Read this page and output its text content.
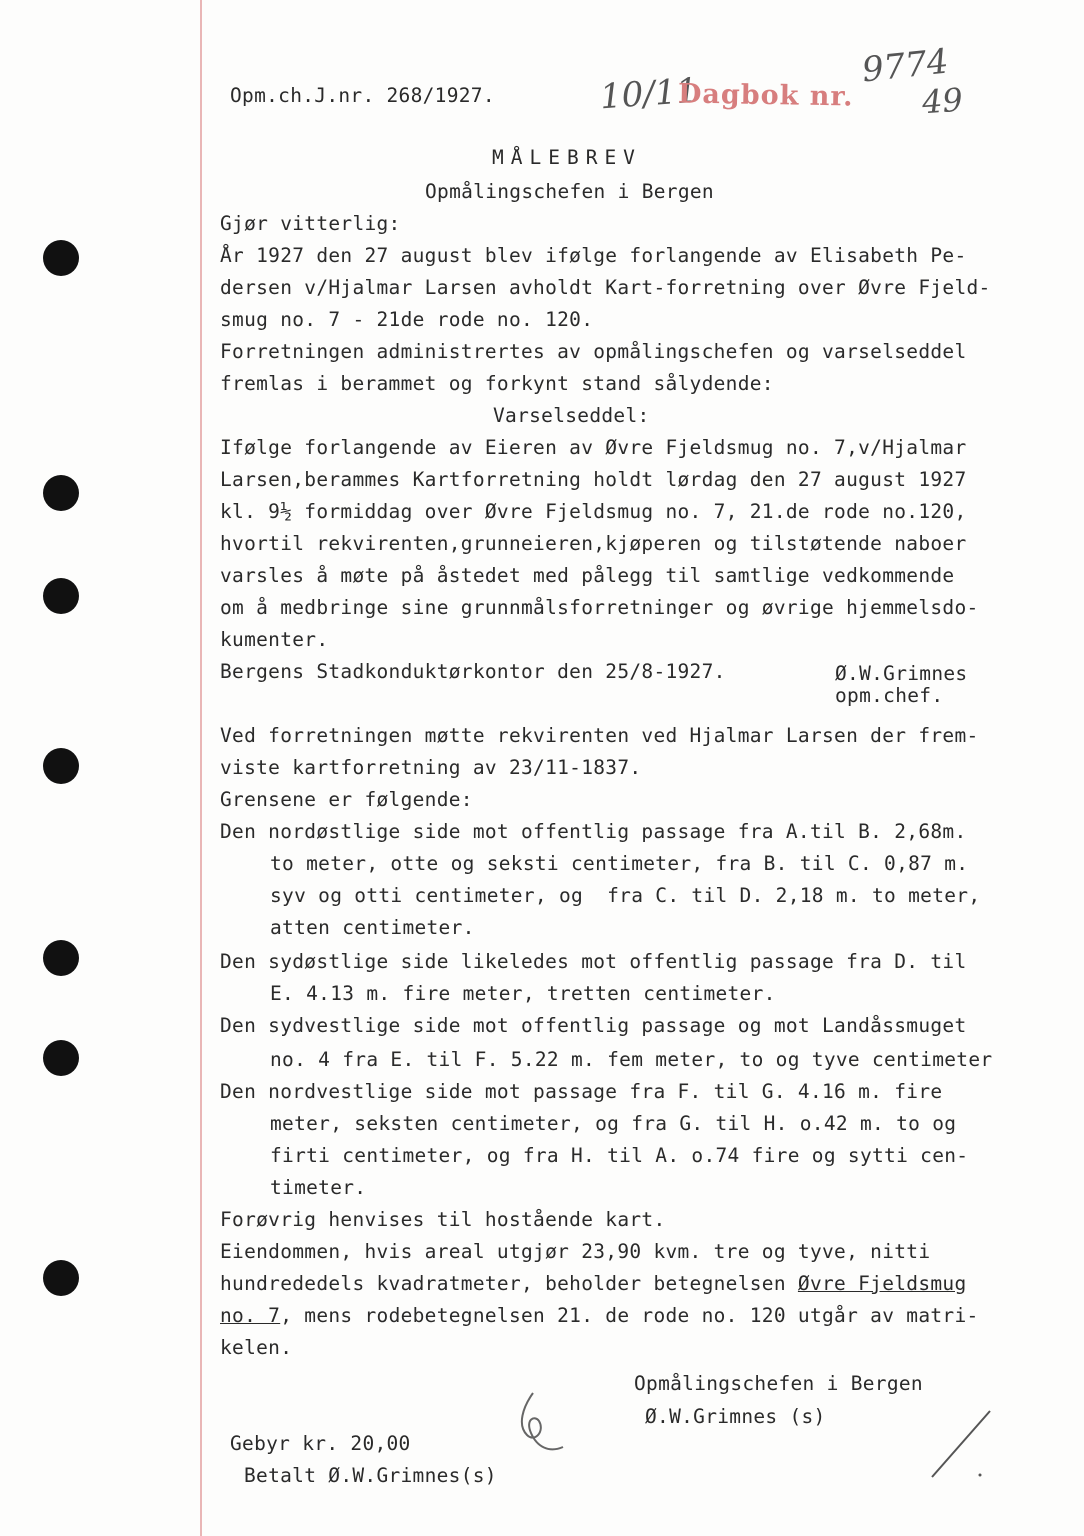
Opm.ch.J.nr. 268/1927.	10/11
Dagbok nr.
9774
49
MÅLEBREV
Opmålingschefen i Bergen
Gjør vitterlig:
År 1927 den 27 august blev ifølge forlangende av Elisabeth Pe-
dersen v/Hjalmar Larsen avholdt Kart-forretning over Øvre Fjeld-
smug no. 7 - 21de rode no. 120.
Forretningen administrertes av opmålingschefen og varselseddel
fremlas i berammet og forkynt stand sålydende:
Varselseddel:
Ifølge forlangende av Eieren av Øvre Fjeldsmug no. 7,v/Hjalmar
Larsen,berammes Kartforretning holdt lørdag den 27 august 1927
kl. 9½ formiddag over Øvre Fjeldsmug no. 7, 21.de rode no.120,
hvortil rekvirenten,grunneieren,kjøperen og tilstøtende naboer
varsles å møte på åstedet med pålegg til samtlige vedkommende
om å medbringe sine grunnmålsforretninger og øvrige hjemmelsdo-
kumenter.
Bergens Stadkonduktørkontor den 25/8-1927.	Ø.W.Grimnes
opm.chef.
Ved forretningen møtte rekvirenten ved Hjalmar Larsen der frem-
viste kartforretning av 23/11-1837.
Grensene er følgende:
Den nordøstlige side mot offentlig passage fra A.til B. 2,68m.
to meter, otte og seksti centimeter, fra B. til C. 0,87 m.
syv og otti centimeter, og  fra C. til D. 2,18 m. to meter,
atten centimeter.
Den sydøstlige side likeledes mot offentlig passage fra D. til
E. 4.13 m. fire meter, tretten centimeter.
Den sydvestlige side mot offentlig passage og mot Landåssmuget
no. 4 fra E. til F. 5.22 m. fem meter, to og tyve centimeter
Den nordvestlige side mot passage fra F. til G. 4.16 m. fire
meter, seksten centimeter, og fra G. til H. o.42 m. to og
firti centimeter, og fra H. til A. o.74 fire og sytti cen-
timeter.
Forøvrig henvises til hostående kart.
Eiendommen, hvis areal utgjør 23,90 kvm. tre og tyve, nitti
hundrededels kvadratmeter, beholder betegnelsen Øvre Fjeldsmug
no. 7, mens rodebetegnelsen 21. de rode no. 120 utgår av matri-
kelen.
Opmålingschefen i Bergen
Ø.W.Grimnes (s)
Gebyr kr. 20,00
Betalt Ø.W.Grimnes(s)
